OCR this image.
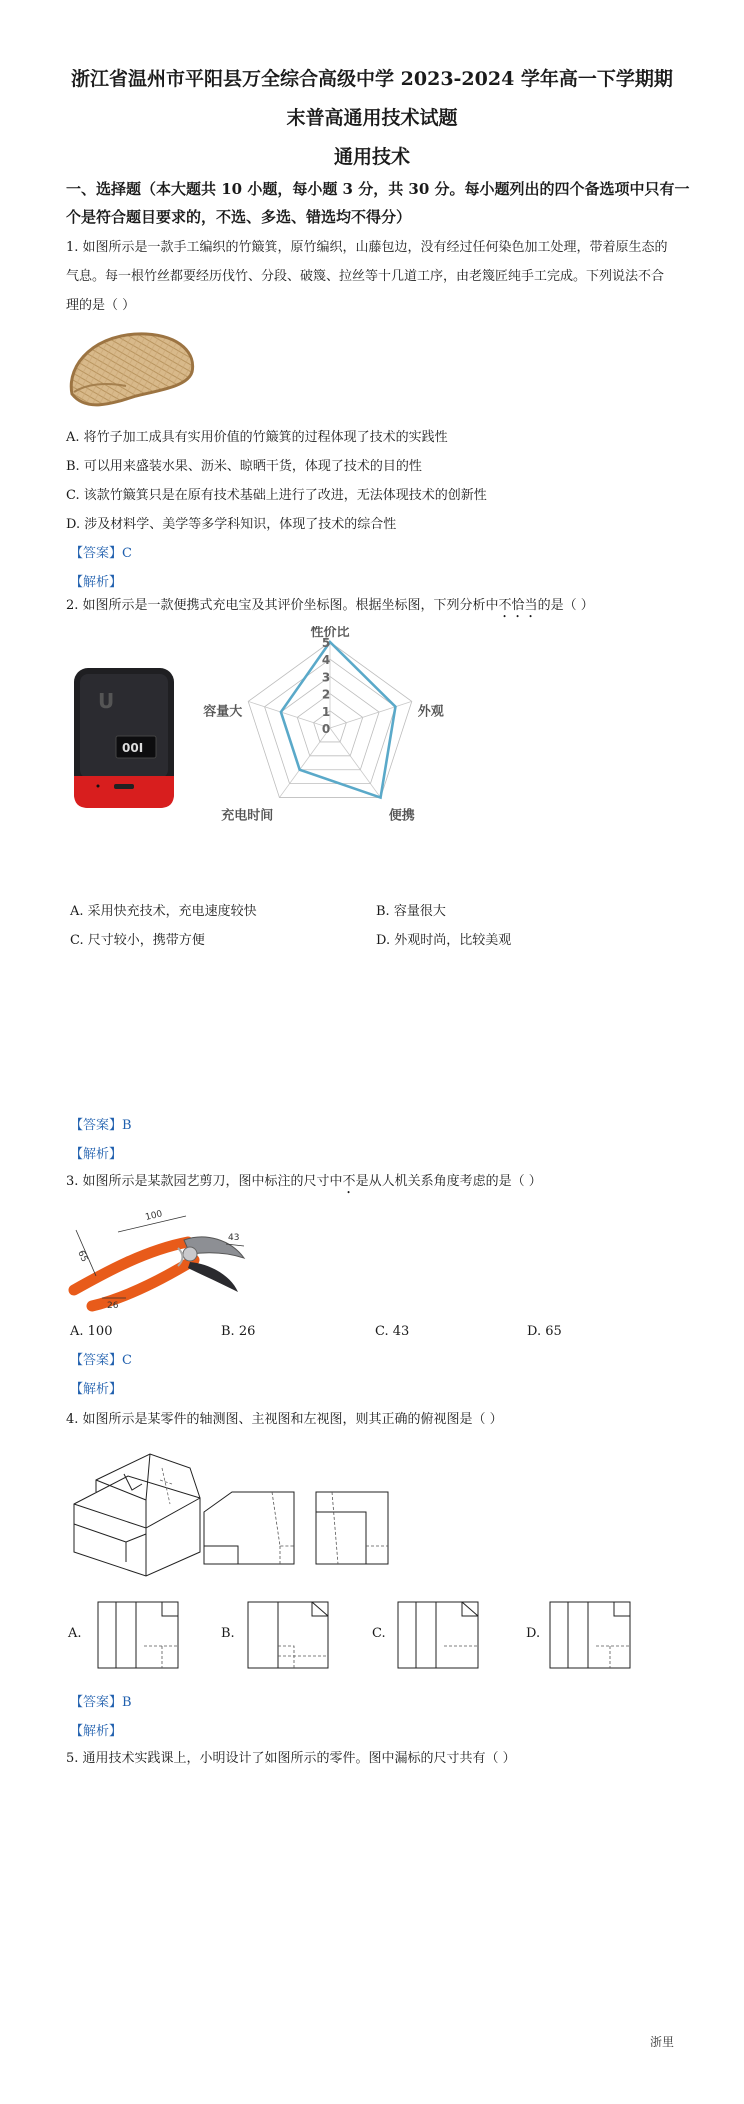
浙江省温州市平阳县万全综合高级中学 2023-2024 学年高一下学期期
末普高通用技术试题
通用技术
一、选择题（本大题共 10 小题，每小题 3 分，共 30 分。每小题列出的四个备选项中只有一
个是符合题目要求的，不选、多选、错选均不得分）
1. 如图所示是一款手工编织的竹簸箕，原竹编织，山藤包边，没有经过任何染色加工处理，带着原生态的
气息。每一根竹丝都要经历伐竹、分段、破篾、拉丝等十几道工序，由老篾匠纯手工完成。下列说法不合
理的是（ ）
A. 将竹子加工成具有实用价值的竹簸箕的过程体现了技术的实践性
B. 可以用来盛装水果、沥米、晾晒干货，体现了技术的目的性
C. 该款竹簸箕只是在原有技术基础上进行了改进，无法体现技术的创新性
D. 涉及材料学、美学等多学科知识，体现了技术的综合性
【答案】C
【解析】
2. 如图所示是一款便携式充电宝及其评价坐标图。根据坐标图，下列分析中不恰当的是（ ）
U
00I
5
4
3
2
1
0
性价比
外观
便携
充电时间
容量大
A. 采用快充技术，充电速度较快	B. 容量很大
C. 尺寸较小，携带方便	D. 外观时尚，比较美观
【答案】B
【解析】
3. 如图所示是某款园艺剪刀，图中标注的尺寸中不是从人机关系角度考虑的是（ ）
100
65
26
43
A. 100	B. 26	C. 43	D. 65
【答案】C
【解析】
4. 如图所示是某零件的轴测图、主视图和左视图，则其正确的俯视图是（ ）
A.	B.	C.	D.
【答案】B
【解析】
5. 通用技术实践课上，小明设计了如图所示的零件。图中漏标的尺寸共有（ ）
浙里
